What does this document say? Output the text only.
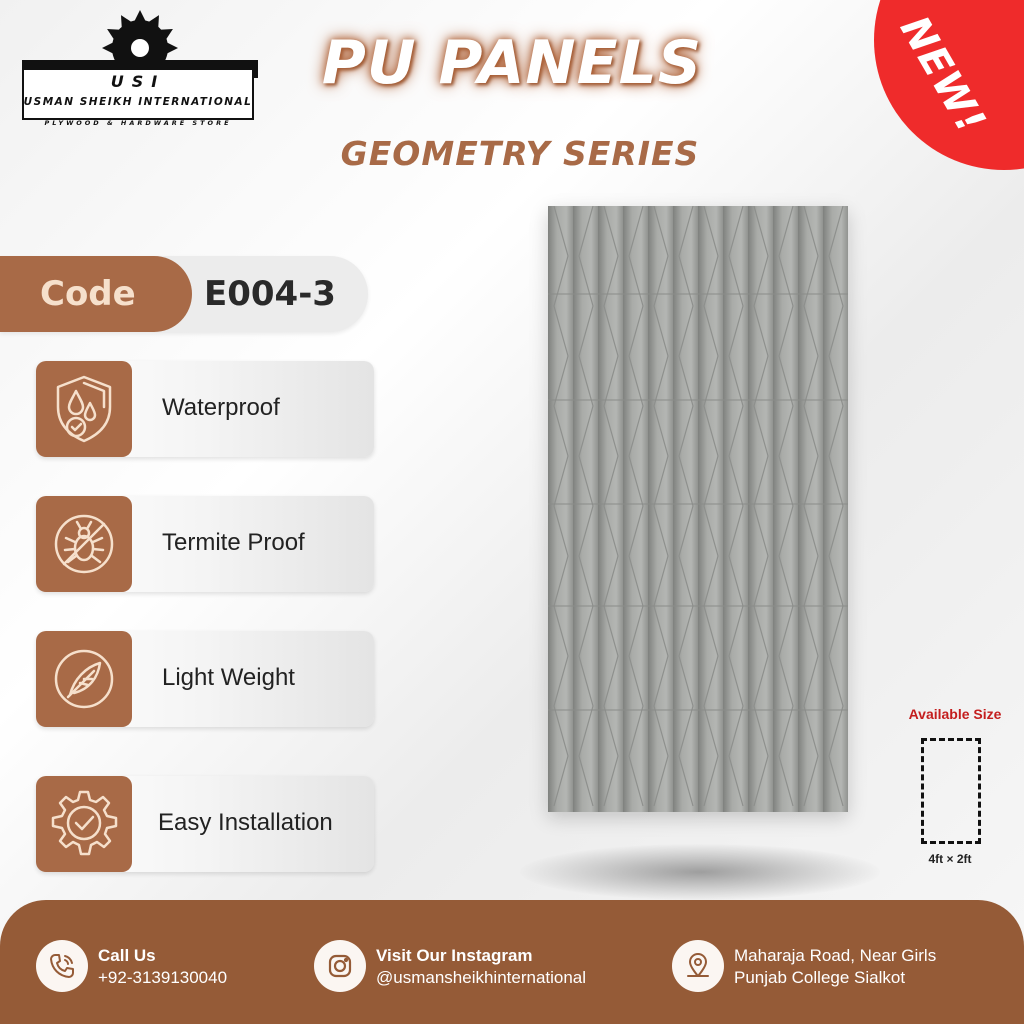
USI
USMAN SHEIKH INTERNATIONAL
PLYWOOD & HARDWARE STORE	NEW!
PU PANELS
GEOMETRY SERIES
Code E004-3
Waterproof
Termite Proof
Light Weight
Easy Installation
Available Size
4ft × 2ft
Call Us
+92-3139130040
Visit Our Instagram
@usmansheikhinternational
Maharaja Road, Near Girls
Punjab College Sialkot
